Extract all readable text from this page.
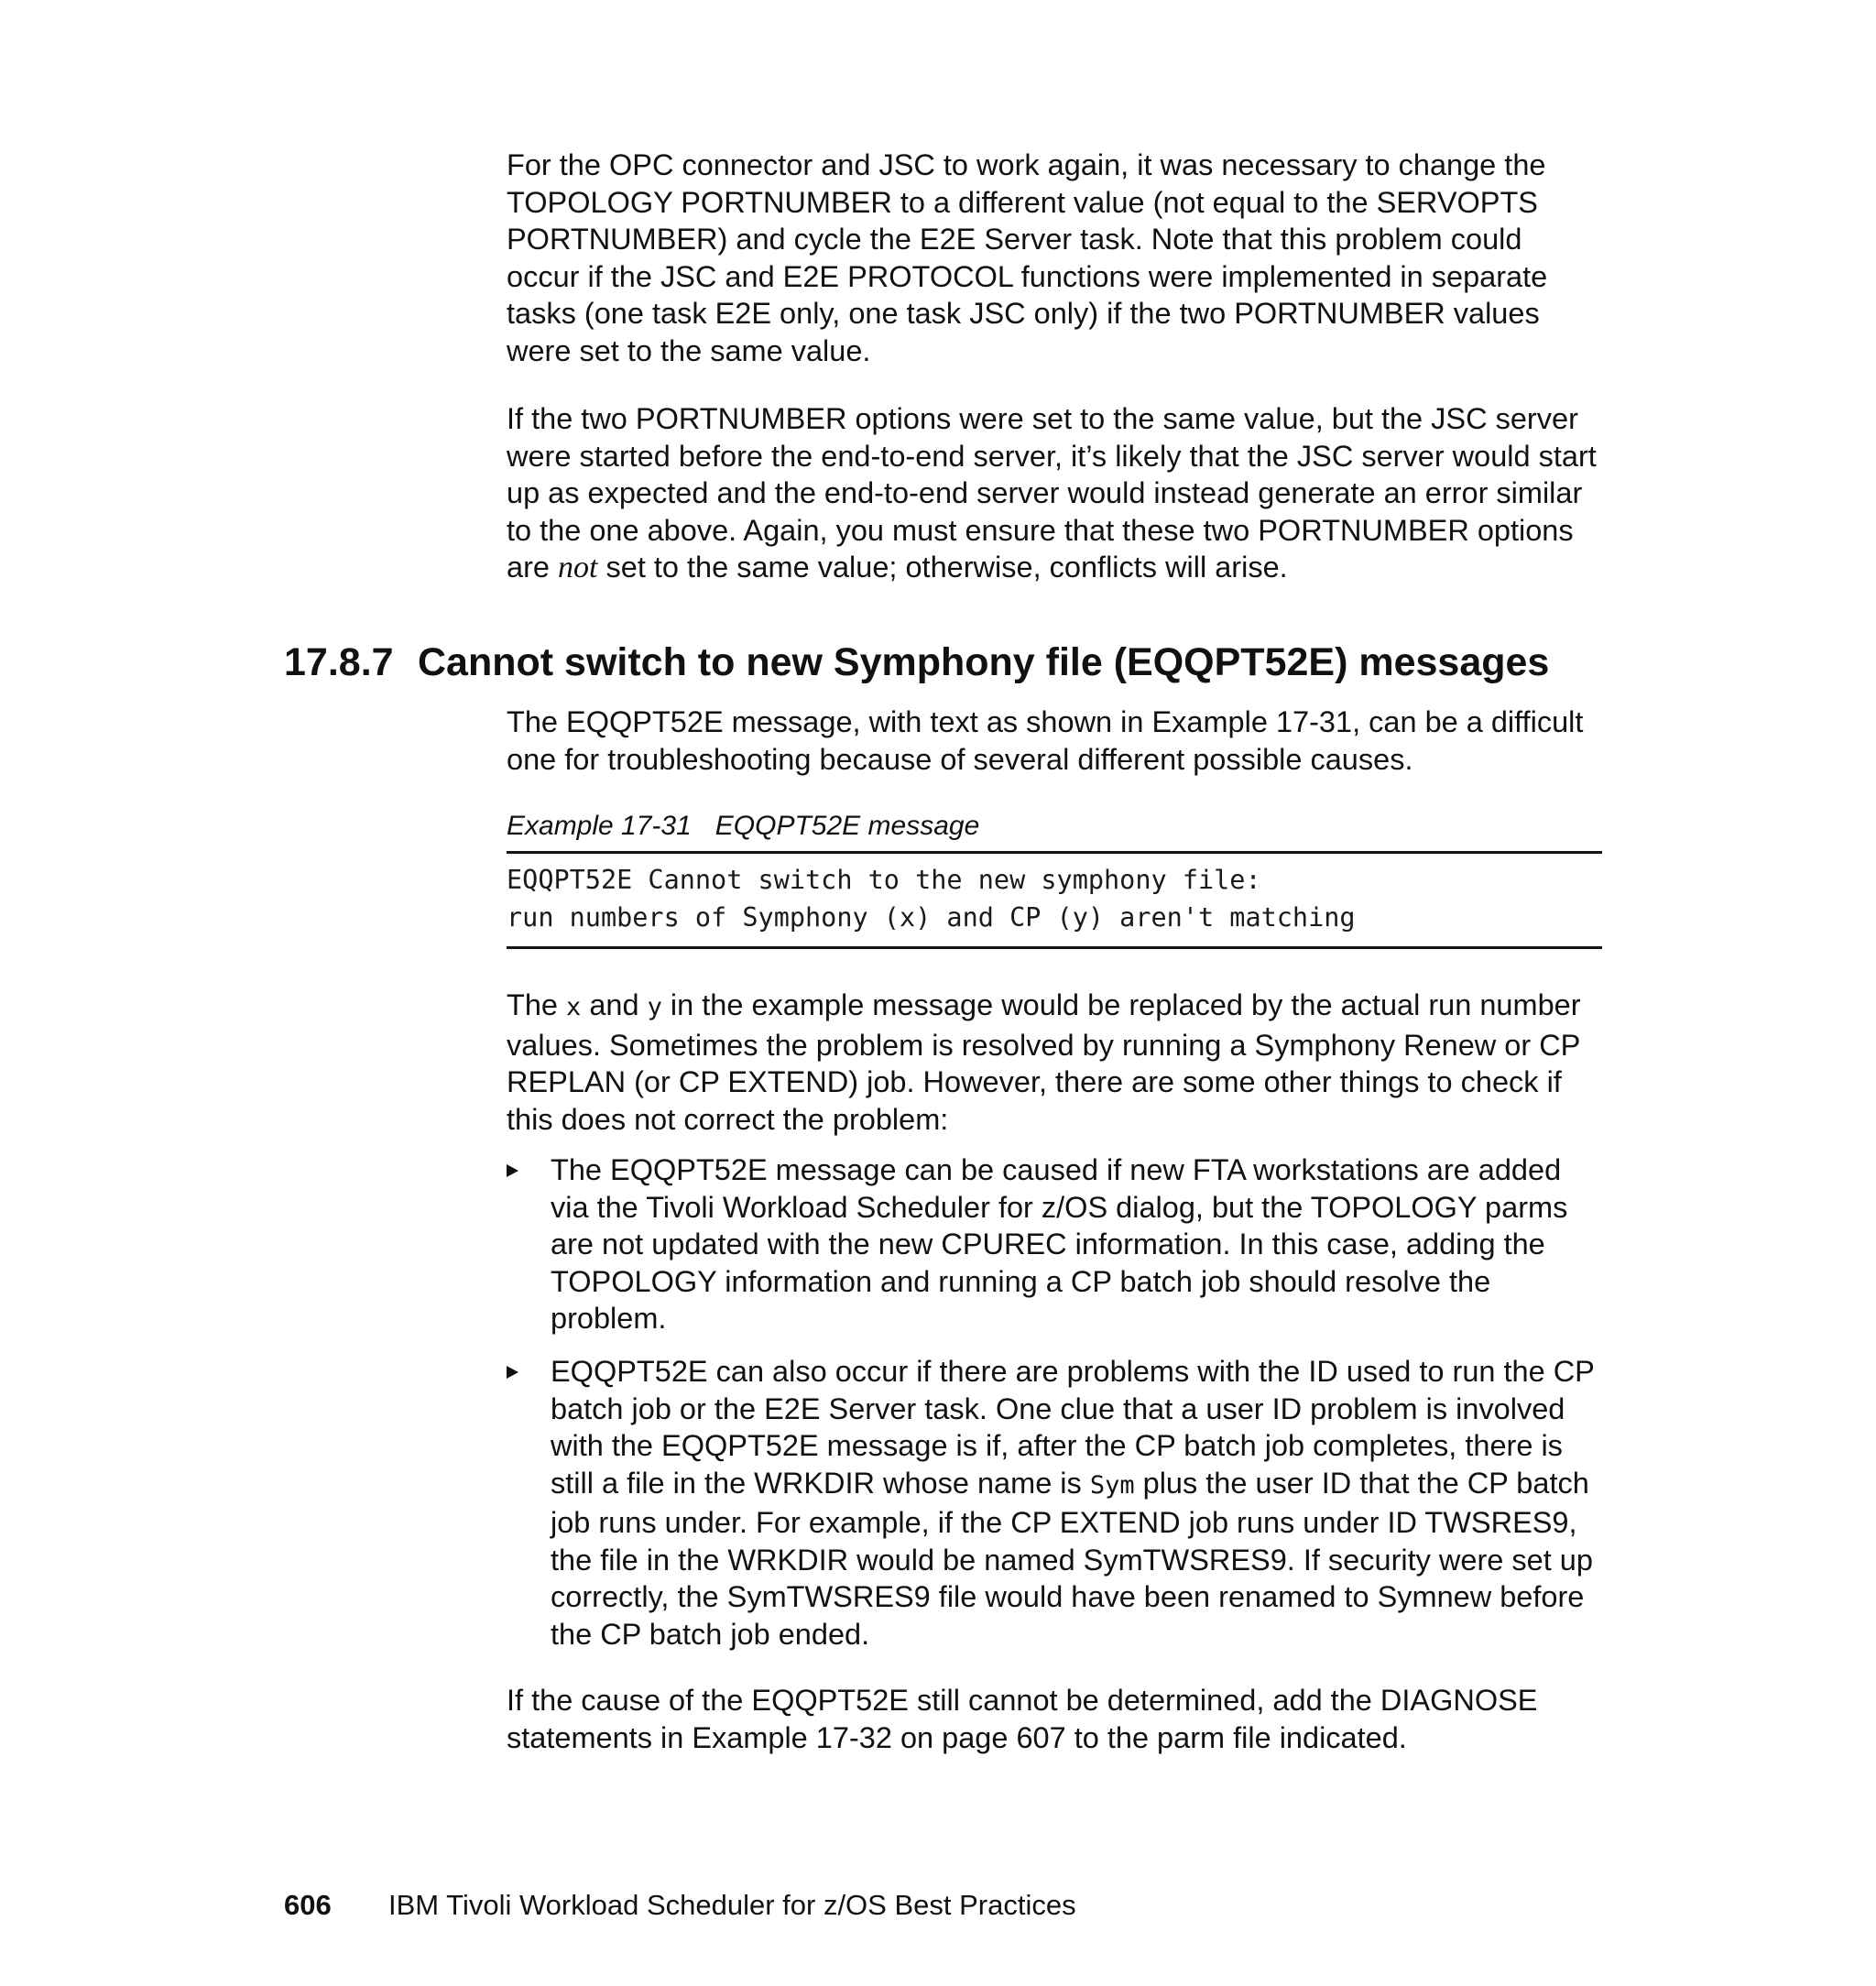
For the OPC connector and JSC to work again, it was necessary to change the TOPOLOGY PORTNUMBER to a different value (not equal to the SERVOPTS PORTNUMBER) and cycle the E2E Server task. Note that this problem could occur if the JSC and E2E PROTOCOL functions were implemented in separate tasks (one task E2E only, one task JSC only) if the two PORTNUMBER values were set to the same value.

If the two PORTNUMBER options were set to the same value, but the JSC server were started before the end-to-end server, it’s likely that the JSC server would start up as expected and the end-to-end server would instead generate an error similar to the one above. Again, you must ensure that these two PORTNUMBER options are not set to the same value; otherwise, conflicts will arise.

17.8.7 Cannot switch to new Symphony file (EQQPT52E) messages

The EQQPT52E message, with text as shown in Example 17-31, can be a difficult one for troubleshooting because of several different possible causes.

Example 17-31 EQQPT52E message
EQQPT52E Cannot switch to the new symphony file:
run numbers of Symphony (x) and CP (y) aren't matching

The x and y in the example message would be replaced by the actual run number values. Sometimes the problem is resolved by running a Symphony Renew or CP REPLAN (or CP EXTEND) job. However, there are some other things to check if this does not correct the problem:

The EQQPT52E message can be caused if new FTA workstations are added via the Tivoli Workload Scheduler for z/OS dialog, but the TOPOLOGY parms are not updated with the new CPUREC information. In this case, adding the TOPOLOGY information and running a CP batch job should resolve the problem.
EQQPT52E can also occur if there are problems with the ID used to run the CP batch job or the E2E Server task. One clue that a user ID problem is involved with the EQQPT52E message is if, after the CP batch job completes, there is still a file in the WRKDIR whose name is Sym plus the user ID that the CP batch job runs under. For example, if the CP EXTEND job runs under ID TWSRES9, the file in the WRKDIR would be named SymTWSRES9. If security were set up correctly, the SymTWSRES9 file would have been renamed to Symnew before the CP batch job ended.

If the cause of the EQQPT52E still cannot be determined, add the DIAGNOSE statements in Example 17-32 on page 607 to the parm file indicated.

606 IBM Tivoli Workload Scheduler for z/OS Best Practices
